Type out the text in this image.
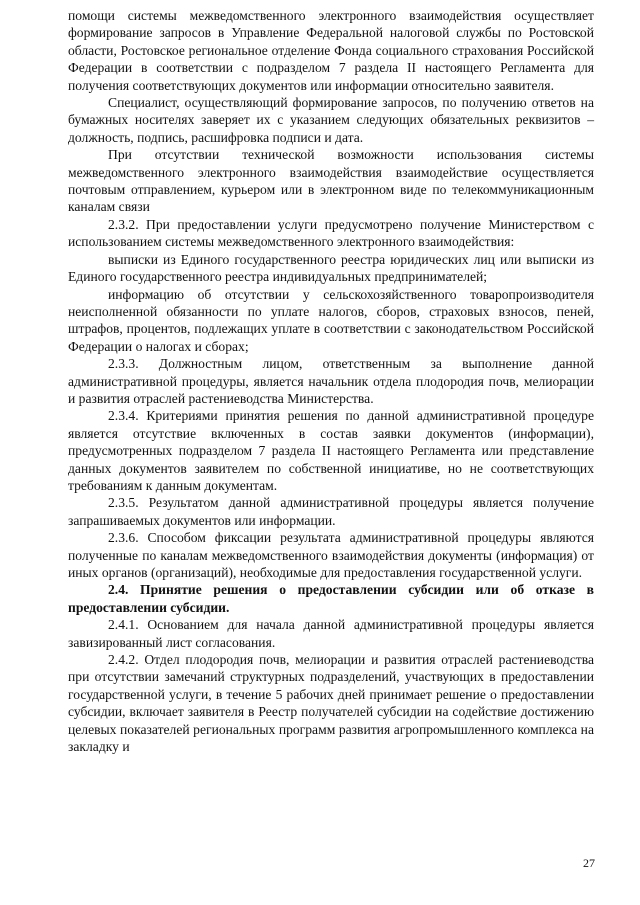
помощи системы межведомственного электронного взаимодействия осуществляет формирование запросов в Управление Федеральной налоговой службы по Ростовской области, Ростовское региональное отделение Фонда социального страхования Российской Федерации в соответствии с подразделом 7 раздела II настоящего Регламента для получения соответствующих документов или информации относительно заявителя.

Специалист, осуществляющий формирование запросов, по получению ответов на бумажных носителях заверяет их с указанием следующих обязательных реквизитов – должность, подпись, расшифровка подписи и дата.

При отсутствии технической возможности использования системы межведомственного электронного взаимодействия взаимодействие осуществляется почтовым отправлением, курьером или в электронном виде по телекоммуникационным каналам связи

2.3.2. При предоставлении услуги предусмотрено получение Министерством с использованием системы межведомственного электронного взаимодействия:

выписки из Единого государственного реестра юридических лиц или выписки из Единого государственного реестра индивидуальных предпринимателей;

информацию об отсутствии у сельскохозяйственного товаропроизводителя неисполненной обязанности по уплате налогов, сборов, страховых взносов, пеней, штрафов, процентов, подлежащих уплате в соответствии с законодательством Российской Федерации о налогах и сборах;

2.3.3. Должностным лицом, ответственным за выполнение данной административной процедуры, является начальник отдела плодородия почв, мелиорации и развития отраслей растениеводства Министерства.

2.3.4. Критериями принятия решения по данной административной процедуре является отсутствие включенных в состав заявки документов (информации), предусмотренных подразделом 7 раздела II настоящего Регламента или представление данных документов заявителем по собственной инициативе, но не соответствующих требованиям к данным документам.

2.3.5. Результатом данной административной процедуры является получение запрашиваемых документов или информации.

2.3.6. Способом фиксации результата административной процедуры являются полученные по каналам межведомственного взаимодействия документы (информация) от иных органов (организаций), необходимые для предоставления государственной услуги.

2.4. Принятие решения о предоставлении субсидии или об отказе в предоставлении субсидии.

2.4.1. Основанием для начала данной административной процедуры является завизированный лист согласования.

2.4.2. Отдел плодородия почв, мелиорации и развития отраслей растениеводства при отсутствии замечаний структурных подразделений, участвующих в предоставлении государственной услуги, в течение 5 рабочих дней принимает решение о предоставлении субсидии, включает заявителя в Реестр получателей субсидии на содействие достижению целевых показателей региональных программ развития агропромышленного комплекса на закладку и

27
